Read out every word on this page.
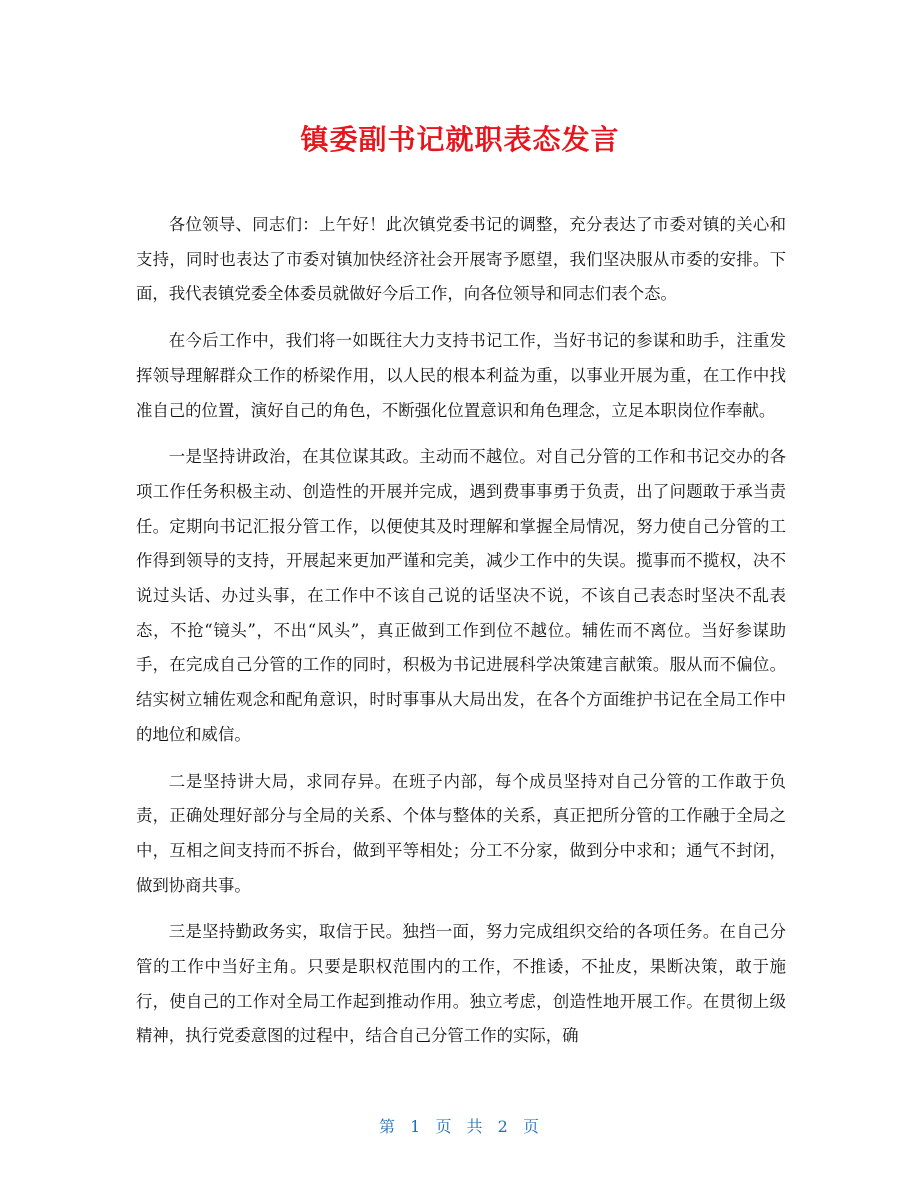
镇委副书记就职表态发言

各位领导、同志们：上午好！此次镇党委书记的调整，充分表达了市委对镇的关心和支持，同时也表达了市委对镇加快经济社会开展寄予愿望，我们坚决服从市委的安排。下面，我代表镇党委全体委员就做好今后工作，向各位领导和同志们表个态。

在今后工作中，我们将一如既往大力支持书记工作，当好书记的参谋和助手，注重发挥领导理解群众工作的桥梁作用，以人民的根本利益为重，以事业开展为重，在工作中找准自己的位置，演好自己的角色，不断强化位置意识和角色理念，立足本职岗位作奉献。

一是坚持讲政治，在其位谋其政。主动而不越位。对自己分管的工作和书记交办的各项工作任务积极主动、创造性的开展并完成，遇到费事事勇于负责，出了问题敢于承当责任。定期向书记汇报分管工作，以便使其及时理解和掌握全局情况，努力使自己分管的工作得到领导的支持，开展起来更加严谨和完美，减少工作中的失误。揽事而不揽权，决不说过头话、办过头事，在工作中不该自己说的话坚决不说，不该自己表态时坚决不乱表态，不抢“镜头”，不出“风头”，真正做到工作到位不越位。辅佐而不离位。当好参谋助手，在完成自己分管的工作的同时，积极为书记进展科学决策建言献策。服从而不偏位。结实树立辅佐观念和配角意识，时时事事从大局出发，在各个方面维护书记在全局工作中的地位和威信。

二是坚持讲大局，求同存异。在班子内部，每个成员坚持对自己分管的工作敢于负责，正确处理好部分与全局的关系、个体与整体的关系，真正把所分管的工作融于全局之中，互相之间支持而不拆台，做到平等相处；分工不分家，做到分中求和；通气不封闭，做到协商共事。

三是坚持勤政务实，取信于民。独挡一面，努力完成组织交给的各项任务。在自己分管的工作中当好主角。只要是职权范围内的工作，不推诿，不扯皮，果断决策，敢于施行，使自己的工作对全局工作起到推动作用。独立考虑，创造性地开展工作。在贯彻上级精神，执行党委意图的过程中，结合自己分管工作的实际，确

第 1 页 共 2 页
